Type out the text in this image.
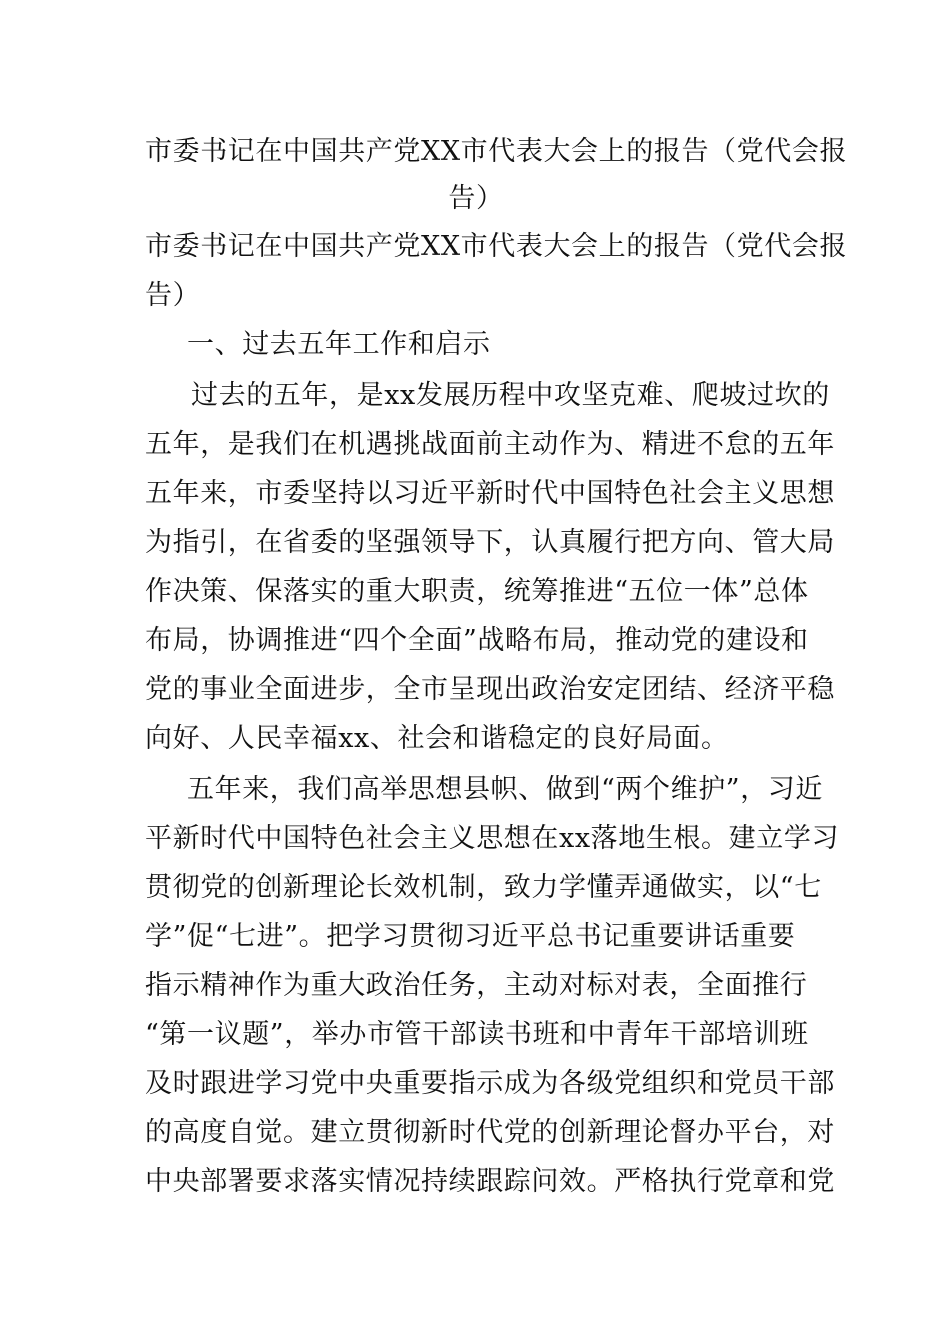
市委书记在中国共产党XX市代表大会上的报告（党代会报
告）
市委书记在中国共产党XX市代表大会上的报告（党代会报
告）
一、过去五年工作和启示
过去的五年，是xx发展历程中攻坚克难、爬坡过坎的
五年，是我们在机遇挑战面前主动作为、精进不怠的五年
五年来，市委坚持以习近平新时代中国特色社会主义思想
为指引，在省委的坚强领导下，认真履行把方向、管大局
作决策、保落实的重大职责，统筹推进“五位一体”总体
布局，协调推进“四个全面”战略布局，推动党的建设和
党的事业全面进步，全市呈现出政治安定团结、经济平稳
向好、人民幸福xx、社会和谐稳定的良好局面。
五年来，我们高举思想县帜、做到“两个维护”，习近
平新时代中国特色社会主义思想在xx落地生根。建立学习
贯彻党的创新理论长效机制，致力学懂弄通做实，以“七
学”促“七进”。把学习贯彻习近平总书记重要讲话重要
指示精神作为重大政治任务，主动对标对表，全面推行
“第一议题”，举办市管干部读书班和中青年干部培训班
及时跟进学习党中央重要指示成为各级党组织和党员干部
的高度自觉。建立贯彻新时代党的创新理论督办平台，对
中央部署要求落实情况持续跟踪问效。严格执行党章和党
